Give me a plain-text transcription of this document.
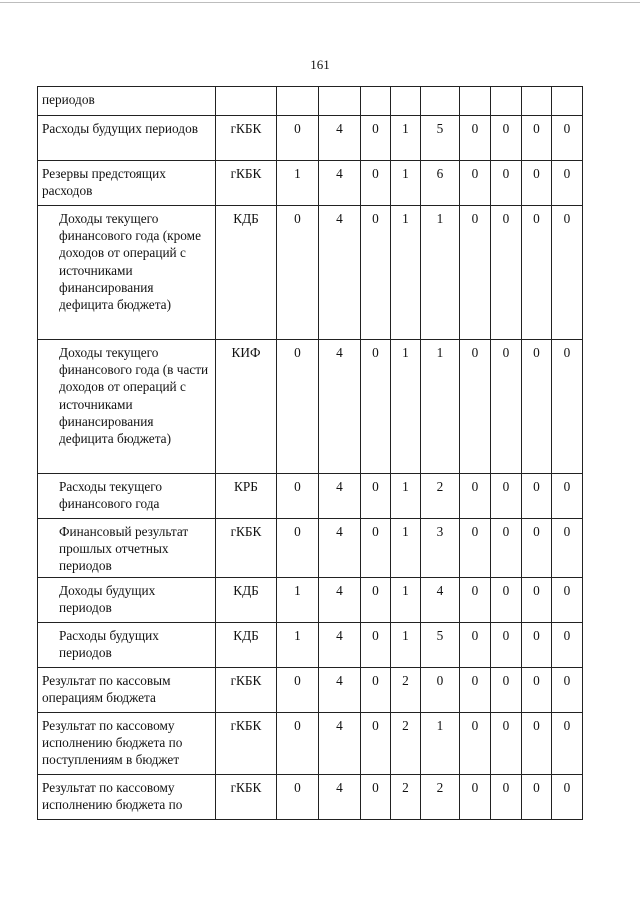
161
периодов										
Расходы будущих периодов	гКБК	0	4	0	1	5	0	0	0	0
Резервы предстоящих расходов	гКБК	1	4	0	1	6	0	0	0	0
Доходы текущего финансового года (кроме доходов от операций с источниками финансирования дефицита бюджета)	КДБ	0	4	0	1	1	0	0	0	0
Доходы текущего финансового года (в части доходов от операций с источниками финансирования дефицита бюджета)	КИФ	0	4	0	1	1	0	0	0	0
Расходы текущего финансового года	КРБ	0	4	0	1	2	0	0	0	0
Финансовый результат прошлых отчетных периодов	гКБК	0	4	0	1	3	0	0	0	0
Доходы будущих периодов	КДБ	1	4	0	1	4	0	0	0	0
Расходы будущих периодов	КДБ	1	4	0	1	5	0	0	0	0
Результат по кассовым операциям бюджета	гКБК	0	4	0	2	0	0	0	0	0
Результат по кассовому исполнению бюджета по поступлениям в бюджет	гКБК	0	4	0	2	1	0	0	0	0
Результат по кассовому исполнению бюджета по	гКБК	0	4	0	2	2	0	0	0	0
